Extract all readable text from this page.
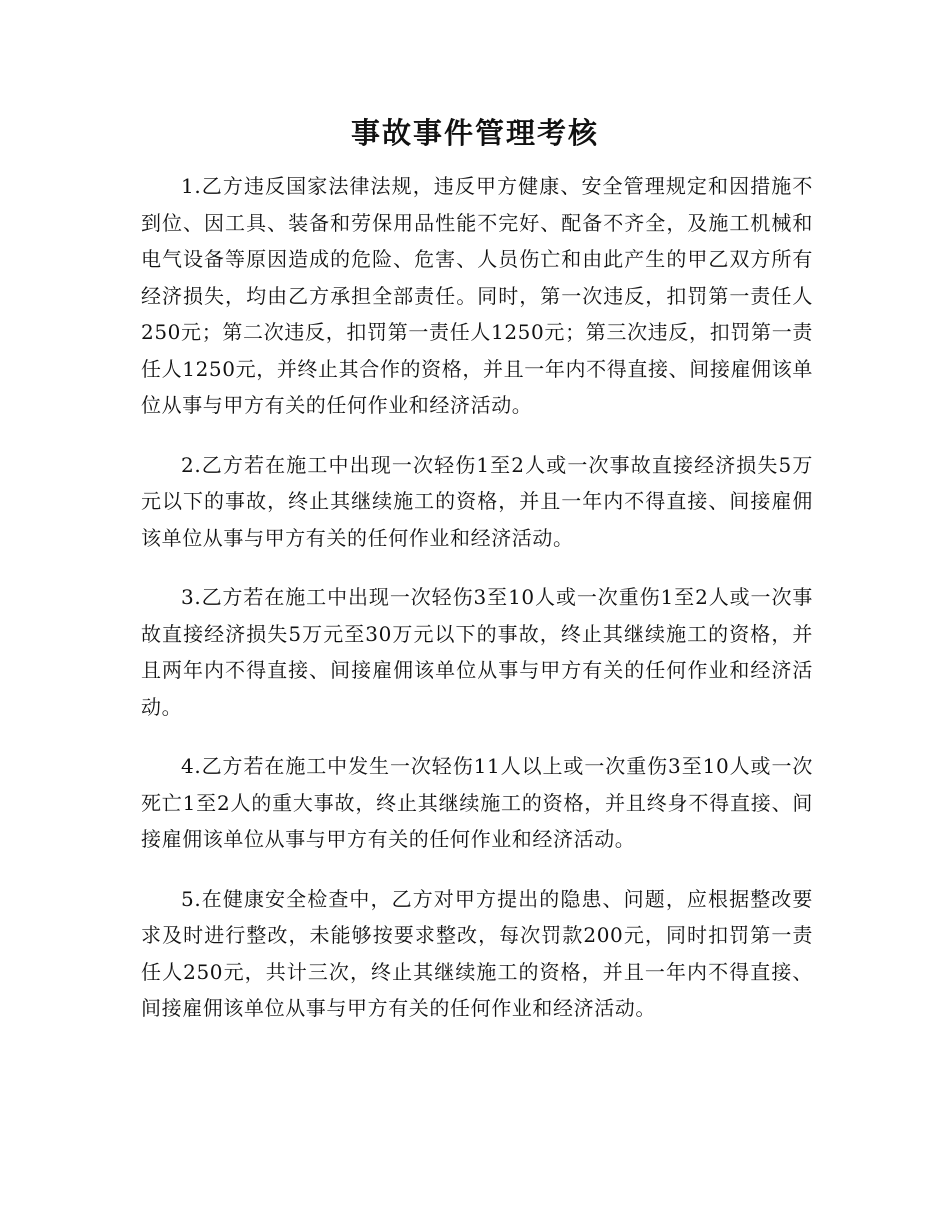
事故事件管理考核

1.乙方违反国家法律法规，违反甲方健康、安全管理规定和因措施不到位、因工具、装备和劳保用品性能不完好、配备不齐全，及施工机械和电气设备等原因造成的危险、危害、人员伤亡和由此产生的甲乙双方所有经济损失，均由乙方承担全部责任。同时，第一次违反，扣罚第一责任人250元；第二次违反，扣罚第一责任人1250元；第三次违反，扣罚第一责任人1250元，并终止其合作的资格，并且一年内不得直接、间接雇佣该单位从事与甲方有关的任何作业和经济活动。

2.乙方若在施工中出现一次轻伤1至2人或一次事故直接经济损失5万元以下的事故，终止其继续施工的资格，并且一年内不得直接、间接雇佣该单位从事与甲方有关的任何作业和经济活动。

3.乙方若在施工中出现一次轻伤3至10人或一次重伤1至2人或一次事故直接经济损失5万元至30万元以下的事故，终止其继续施工的资格，并且两年内不得直接、间接雇佣该单位从事与甲方有关的任何作业和经济活动。

4.乙方若在施工中发生一次轻伤11人以上或一次重伤3至10人或一次死亡1至2人的重大事故，终止其继续施工的资格，并且终身不得直接、间接雇佣该单位从事与甲方有关的任何作业和经济活动。

5.在健康安全检查中，乙方对甲方提出的隐患、问题，应根据整改要求及时进行整改，未能够按要求整改，每次罚款200元，同时扣罚第一责任人250元，共计三次，终止其继续施工的资格，并且一年内不得直接、间接雇佣该单位从事与甲方有关的任何作业和经济活动。
